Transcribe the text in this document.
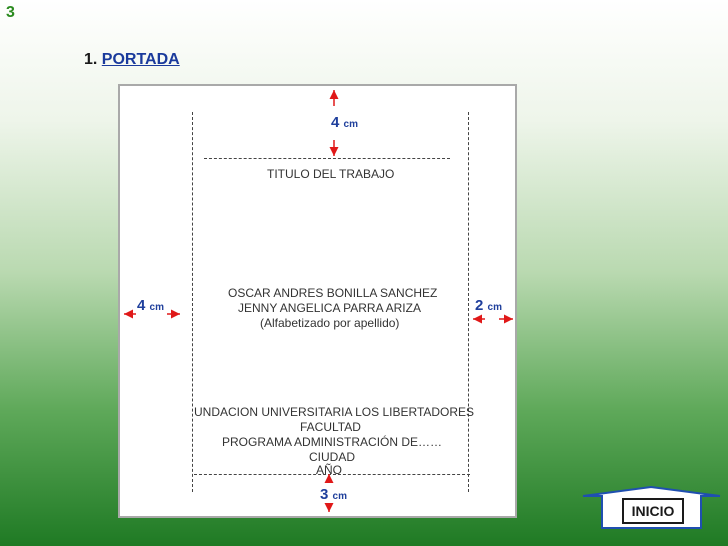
3
1. PORTADA
TITULO DEL TRABAJO
OSCAR ANDRES BONILLA SANCHEZ
JENNY ANGELICA PARRA ARIZA
(Alfabetizado por apellido)
UNDACION UNIVERSITARIA LOS LIBERTADORES
FACULTAD
PROGRAMA ADMINISTRACIÓN DE……
CIUDAD
AÑO
4 cm
4 cm	2 cm
3 cm
INICIO
